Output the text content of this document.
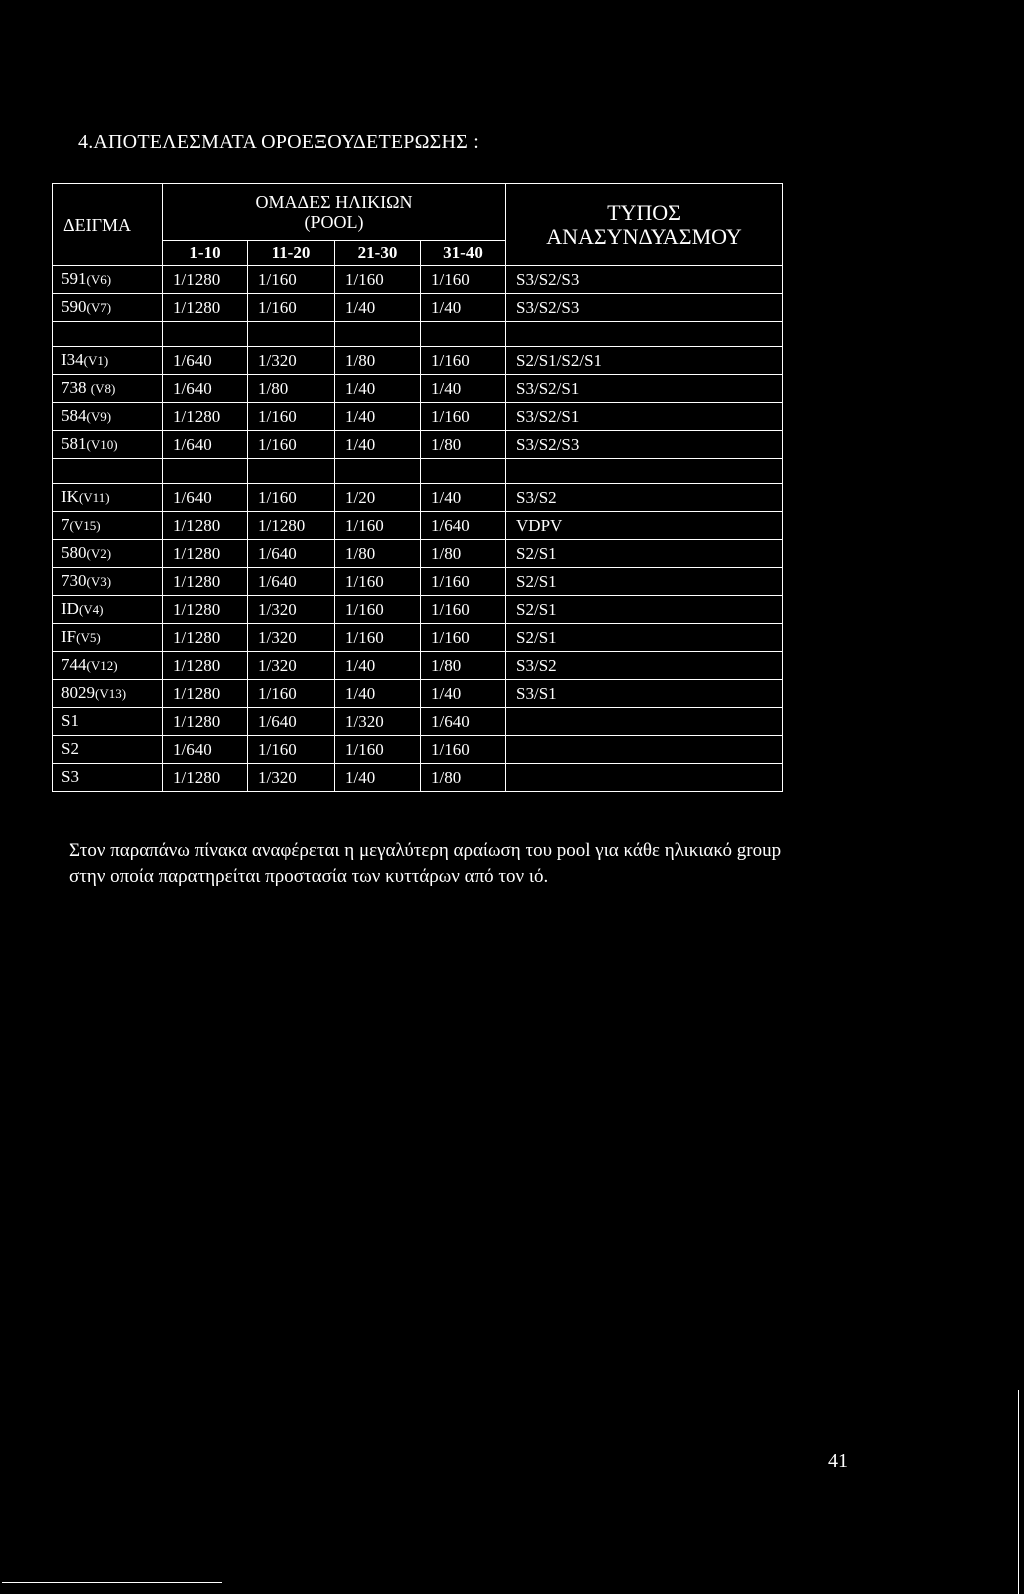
4.ΑΠΟΤΕΛΕΣΜΑΤΑ ΟΡΟΕΞΟΥΔΕΤΕΡΩΣΗΣ :
ΔΕΙΓΜΑ	ΟΜΑΔΕΣ ΗΛΙΚΙΩΝ
(POOL)				ΤΥΠΟΣ
ΑΝΑΣΥΝΔΥΑΣΜΟΥ
	1-10	11-20	21-30	31-40	
591(V6)	1/1280	1/160	1/160	1/160	S3/S2/S3
590(V7)	1/1280	1/160	1/40	1/40	S3/S2/S3

I34(V1)	1/640	1/320	1/80	1/160	S2/S1/S2/S1
738 (V8)	1/640	1/80	1/40	1/40	S3/S2/S1
584(V9)	1/1280	1/160	1/40	1/160	S3/S2/S1
581(V10)	1/640	1/160	1/40	1/80	S3/S2/S3

IK(V11)	1/640	1/160	1/20	1/40	S3/S2
7(V15)	1/1280	1/1280	1/160	1/640	VDPV
580(V2)	1/1280	1/640	1/80	1/80	S2/S1
730(V3)	1/1280	1/640	1/160	1/160	S2/S1
ID(V4)	1/1280	1/320	1/160	1/160	S2/S1
IF(V5)	1/1280	1/320	1/160	1/160	S2/S1
744(V12)	1/1280	1/320	1/40	1/80	S3/S2
8029(V13)	1/1280	1/160	1/40	1/40	S3/S1
S1	1/1280	1/640	1/320	1/640	
S2	1/640	1/160	1/160	1/160	
S3	1/1280	1/320	1/40	1/80	
Στον παραπάνω πίνακα αναφέρεται η μεγαλύτερη αραίωση του pool για κάθε ηλικιακό group στην οποία παρατηρείται προστασία των κυττάρων από τον ιό.
41
